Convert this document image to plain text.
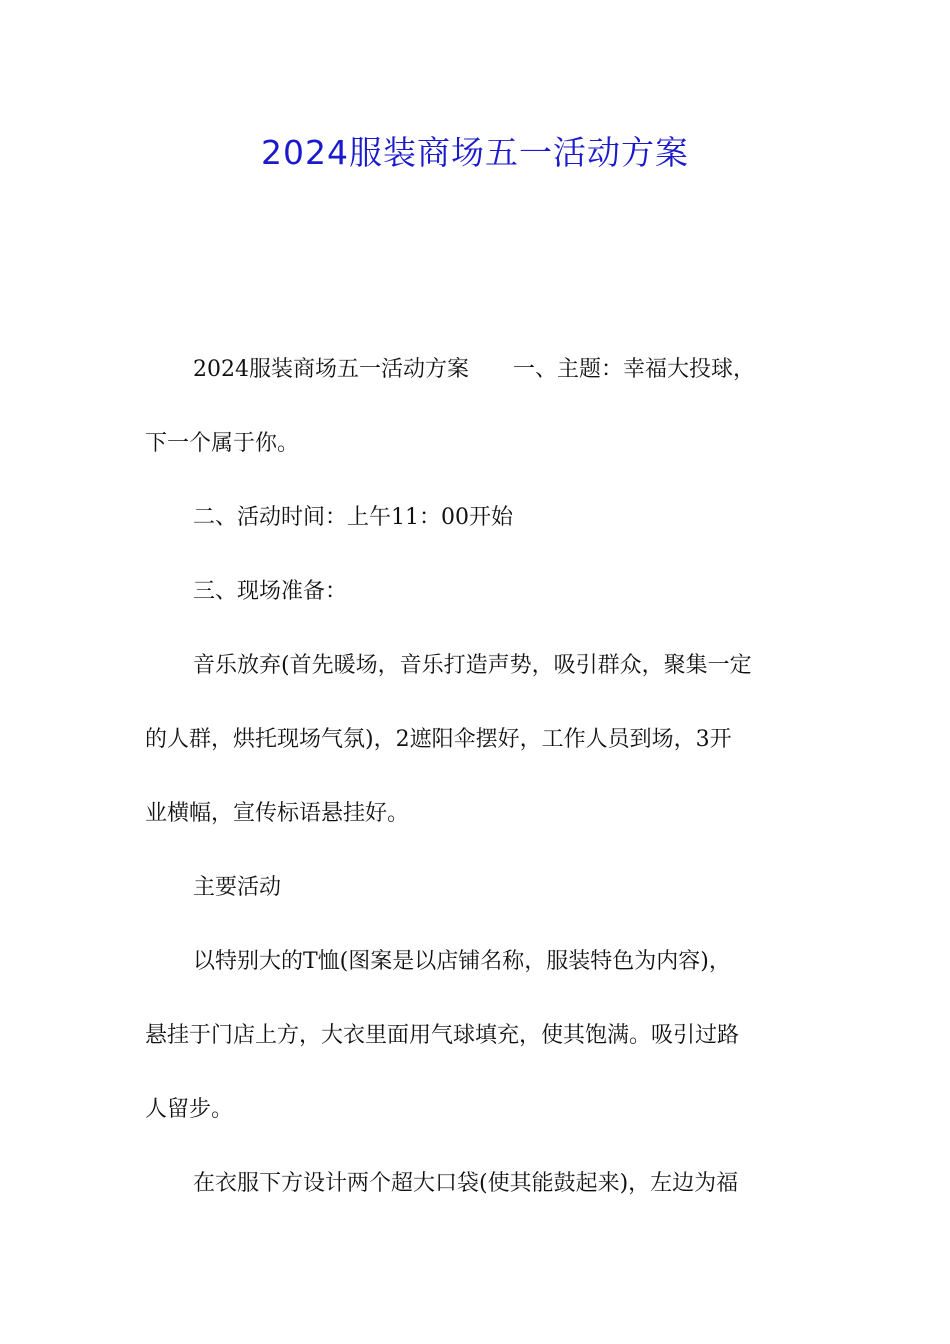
2024服装商场五一活动方案

2024服装商场五一活动方案　　一、主题：幸福大投球，
下一个属于你。

二、活动时间：上午11：00开始

三、现场准备：

音乐放弃(首先暖场，音乐打造声势，吸引群众，聚集一定
的人群，烘托现场气氛)，2遮阳伞摆好，工作人员到场，3开
业横幅，宣传标语悬挂好。

主要活动

以特别大的T恤(图案是以店铺名称，服装特色为内容)，
悬挂于门店上方，大衣里面用气球填充，使其饱满。吸引过路
人留步。

在衣服下方设计两个超大口袋(使其能鼓起来)，左边为福
